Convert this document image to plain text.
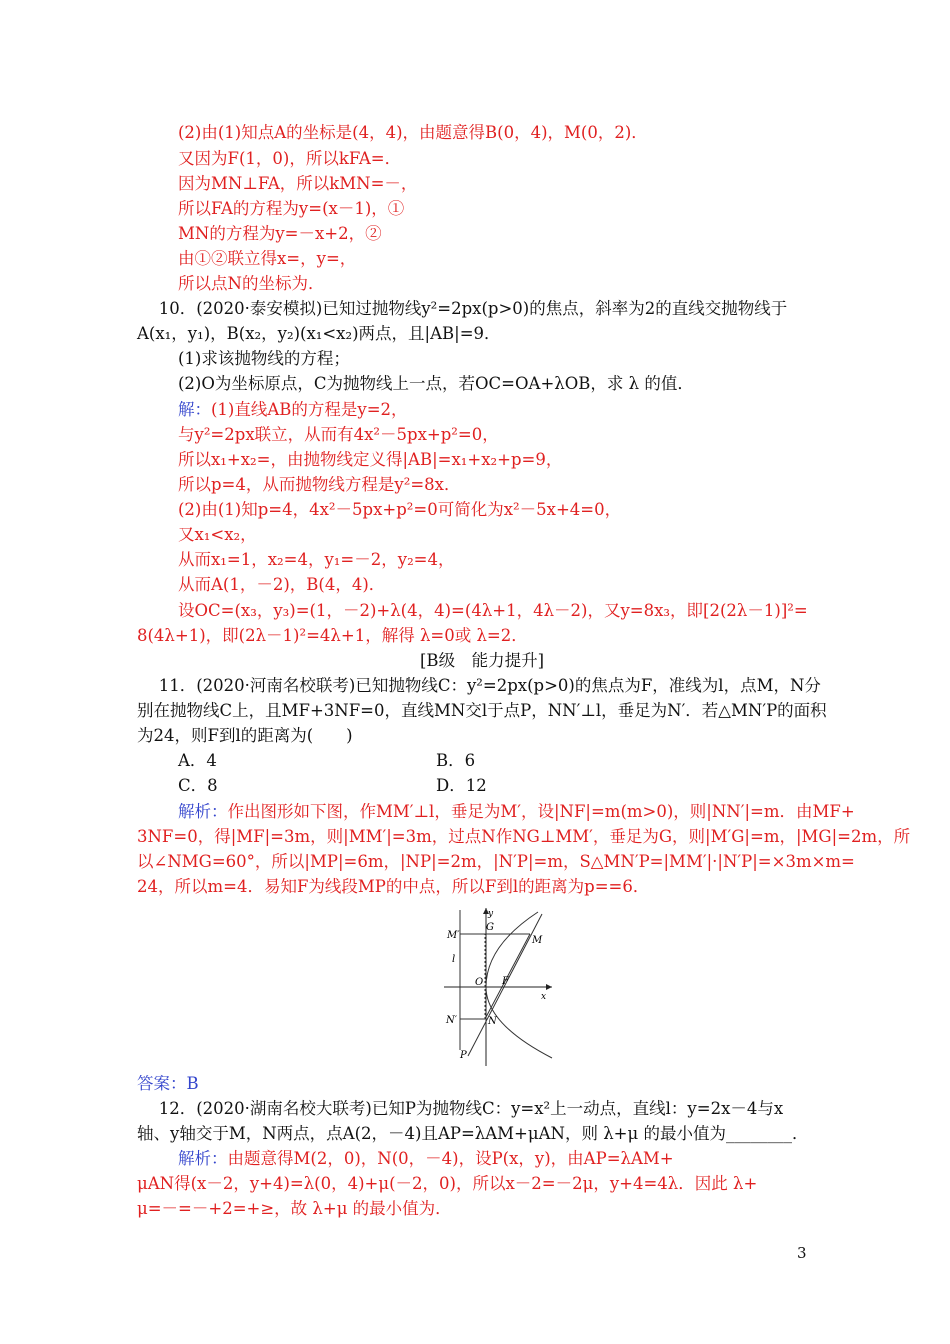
(2)由(1)知点A的坐标是(4，4)，由题意得B(0，4)，M(0，2)．
又因为F(1，0)，所以kFA=．
因为MN⊥FA，所以kMN=－，
所以FA的方程为y=(x－1)，①
MN的方程为y=－x+2，②
由①②联立得x=，y=，
所以点N的坐标为．
　 10．(2020·泰安模拟)已知过抛物线y²=2px(p>0)的焦点，斜率为2的直线交抛物线于
A(x₁，y₁)，B(x₂，y₂)(x₁<x₂)两点，且|AB|=9．
(1)求该抛物线的方程；
(2)O为坐标原点，C为抛物线上一点，若OC=OA+λOB，求 λ 的值．
解：(1)直线AB的方程是y=2，
与y²=2px联立，从而有4x²－5px+p²=0，
所以x₁+x₂=，由抛物线定义得|AB|=x₁+x₂+p=9，
所以p=4，从而抛物线方程是y²=8x．
(2)由(1)知p=4，4x²－5px+p²=0可简化为x²－5x+4=0，
又x₁<x₂，
从而x₁=1，x₂=4，y₁=－2，y₂=4，
从而A(1，－2)，B(4，4)．
设OC=(x₃，y₃)=(1，－2)+λ(4，4)=(4λ+1，4λ－2)，又y=8x₃，即[2(2λ－1)]²=
8(4λ+1)，即(2λ－1)²=4λ+1，解得 λ=0或 λ=2．
[B级　能力提升]
　 11．(2020·河南名校联考)已知抛物线C：y²=2px(p>0)的焦点为F，准线为l，点M，N分
别在抛物线C上，且MF+3NF=0，直线MN交l于点P，NN′⊥l，垂足为N′．若△MN′P的面积
为24，则F到l的距离为(　　)
A．4	B．6
C．8	D．12
解析：作出图形如下图，作MM′⊥l，垂足为M′，设|NF|=m(m>0)，则|NN′|=m．由MF+
3NF=0，得|MF|=3m，则|MM′|=3m，过点N作NG⊥MM′，垂足为G，则|M′G|=m，|MG|=2m，所
以∠NMG=60°，所以|MP|=6m，|NP|=2m，|N′P|=m，S△MN′P=|MM′|·|N′P|=×3m×m=
24，所以m=4．易知F为线段MP的中点，所以F到l的距离为p==6．
y
x
G
M′	M
l
O F
N′	N
P
答案：B
　 12．(2020·湖南名校大联考)已知P为抛物线C：y=x²上一动点，直线l：y=2x－4与x
轴、y轴交于M，N两点，点A(2，－4)且AP=λAM+μAN，则 λ+μ 的最小值为________．
解析：由题意得M(2，0)，N(0，－4)，设P(x，y)，由AP=λAM+
μAN得(x－2，y+4)=λ(0，4)+μ(－2，0)，所以x－2=－2μ，y+4=4λ．因此 λ+
μ=－=－+2=+≥，故 λ+μ 的最小值为．
3
